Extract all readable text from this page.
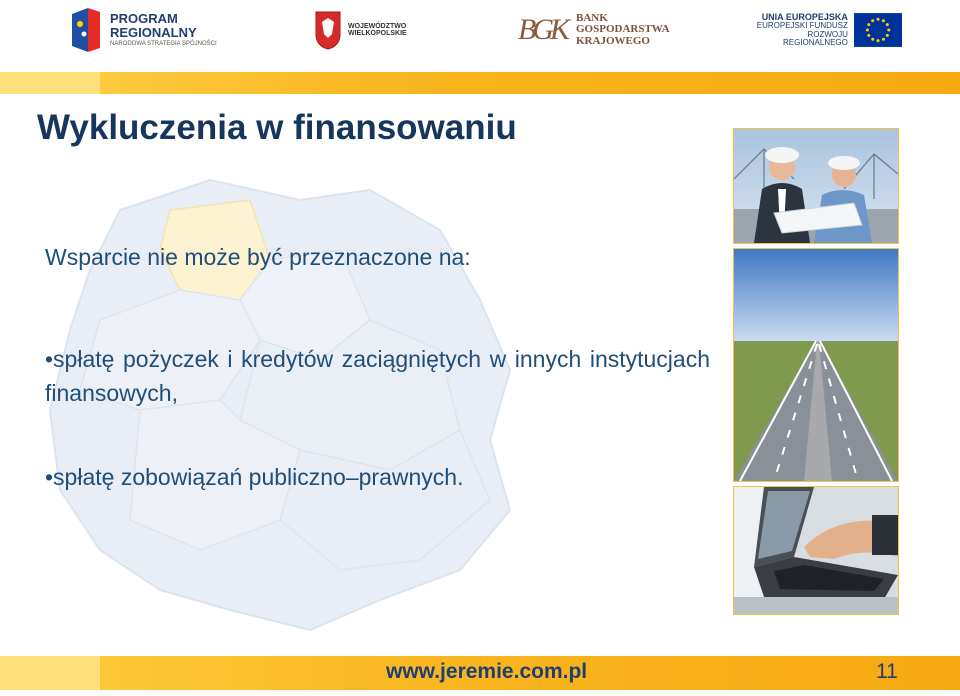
PROGRAM
REGIONALNY
NARODOWA STRATEGIA SPÓJNOŚCI
WOJEWÓDZTWO
WIELKOPOLSKIE	BGK BANK
GOSPODARSTWA
KRAJOWEGO
UNIA EUROPEJSKA
EUROPEJSKI FUNDUSZ
ROZWOJU REGIONALNEGO
Wykluczenia w finansowaniu

Wsparcie nie może być przeznaczone na:

•spłatę pożyczek i kredytów zaciągniętych w innych instytucjach finansowych,

•spłatę zobowiązań publiczno–prawnych.

www.jeremie.com.pl	11
